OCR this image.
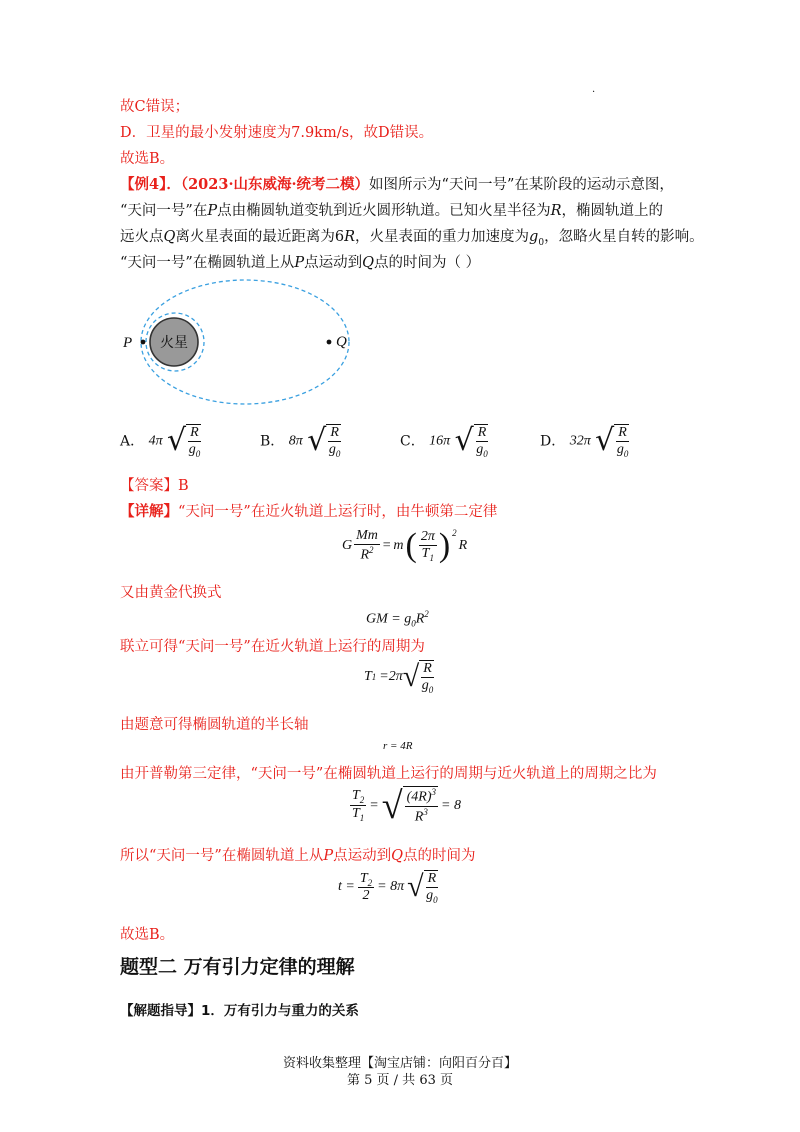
.
故C错误；
D．卫星的最小发射速度为7.9km/s，故D错误。
故选B。
【例4】．（2023·山东威海·统考二模）如图所示为“天问一号”在某阶段的运动示意图，
“天问一号”在P点由椭圆轨道变轨到近火圆形轨道。已知火星半径为R，椭圆轨道上的
远火点Q离火星表面的最近距离为6R，火星表面的重力加速度为$g_0$，忽略火星自转的影响。
“天问一号”在椭圆轨道上从P点运动到Q点的时间为（ ）
火星
P	Q
A． 4π √ $\frac{R}{g_0}$	B． 8π √ $\frac{R}{g_0}$	C． 16π √ $\frac{R}{g_0}$	D． 32π √ $\frac{R}{g_0}$
【答案】B
【详解】“天问一号”在近火轨道上运行时，由牛顿第二定律
G $\frac{Mm}{R^2} = m$ ( $\frac{2\pi}{T_1}$ ) 2
R
又由黄金代换式
GM = $g_0R^2$
联立可得“天问一号”在近火轨道上运行的周期为
T 1 =2π √ $\frac{R}{g_0}$
由题意可得椭圆轨道的半长轴
r = 4R
由开普勒第三定律，“天问一号”在椭圆轨道上运行的周期与近火轨道上的周期之比为
$\frac{T_2}{T_1}$ = √ $\frac{(4R)^3}{R^3} = 8$
所以“天问一号”在椭圆轨道上从P点运动到Q点的时间为
$t = \frac{T_2}{2} = 8\pi$ √ $\frac{R}{g_0}$
故选B。
题型二 万有引力定律的理解
【解题指导】1．万有引力与重力的关系
资料收集整理【淘宝店铺：向阳百分百】
第 5 页 / 共 63 页
